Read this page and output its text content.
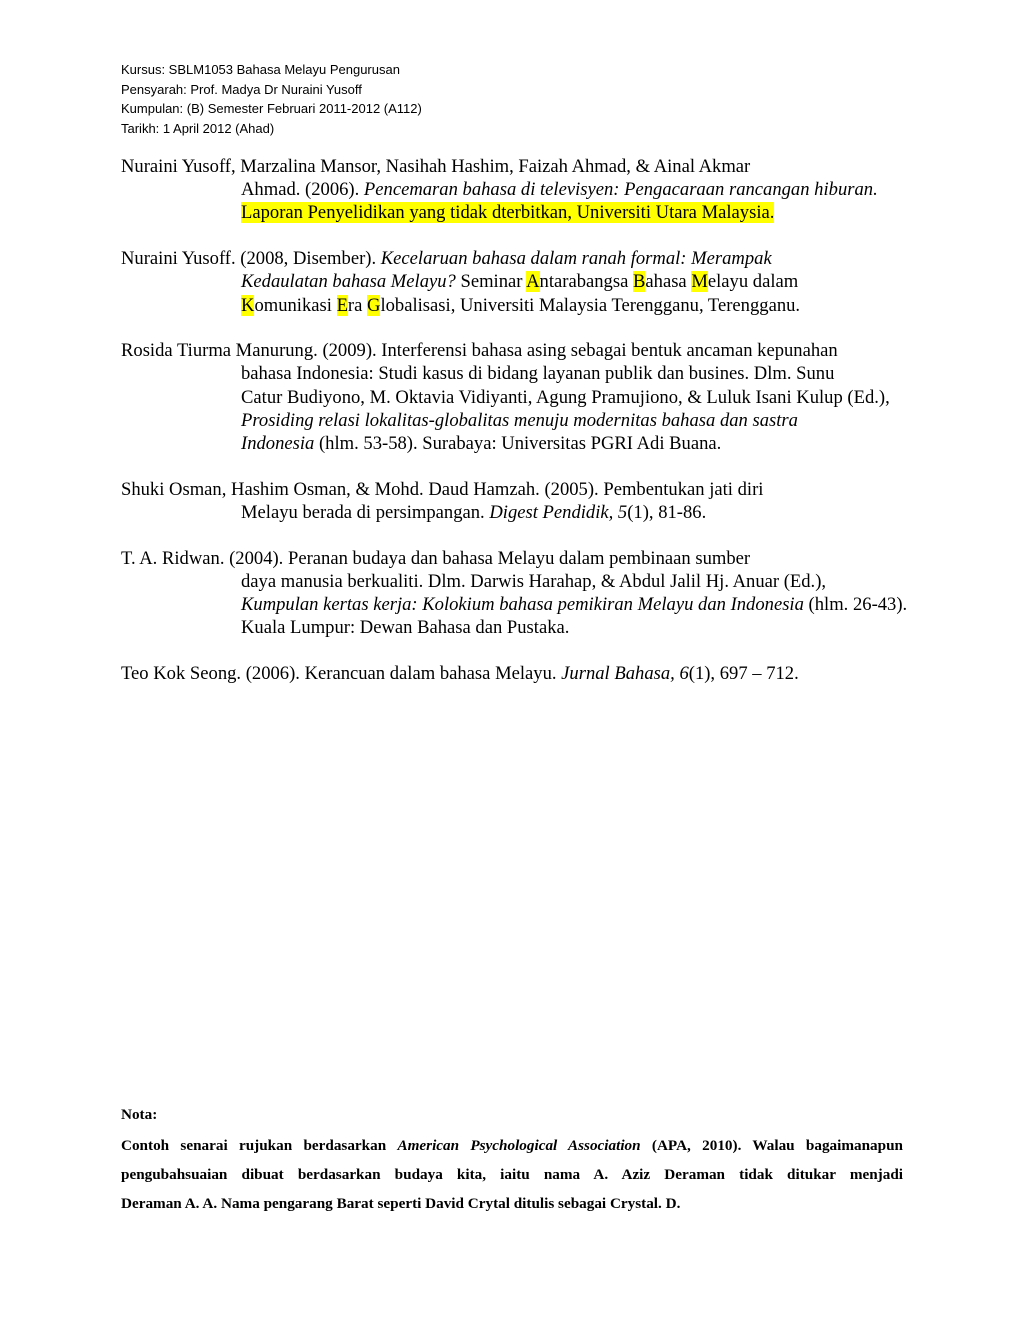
Kursus: SBLM1053 Bahasa Melayu Pengurusan
Pensyarah: Prof. Madya Dr Nuraini Yusoff
Kumpulan: (B) Semester Februari 2011-2012 (A112)
Tarikh: 1 April 2012 (Ahad)
Nuraini Yusoff, Marzalina Mansor, Nasihah Hashim, Faizah Ahmad, & Ainal Akmar
Ahmad. (2006). Pencemaran bahasa di televisyen: Pengacaraan rancangan hiburan.
Laporan Penyelidikan yang tidak dterbitkan, Universiti Utara Malaysia.
Nuraini Yusoff. (2008, Disember). Kecelaruan bahasa dalam ranah formal: Merampak
Kedaulatan bahasa Melayu? Seminar Antarabangsa Bahasa Melayu dalam
Komunikasi Era Globalisasi, Universiti Malaysia Terengganu, Terengganu.
Rosida Tiurma Manurung. (2009). Interferensi bahasa asing sebagai bentuk ancaman kepunahan
bahasa Indonesia: Studi kasus di bidang layanan publik dan busines. Dlm. Sunu
Catur Budiyono, M. Oktavia Vidiyanti, Agung Pramujiono, & Luluk Isani Kulup (Ed.),
Prosiding relasi lokalitas-globalitas menuju modernitas bahasa dan sastra
Indonesia (hlm. 53-58). Surabaya: Universitas PGRI Adi Buana.
Shuki Osman, Hashim Osman, & Mohd. Daud Hamzah. (2005). Pembentukan jati diri
Melayu berada di persimpangan. Digest Pendidik, 5(1), 81-86.
T. A. Ridwan. (2004). Peranan budaya dan bahasa Melayu dalam pembinaan sumber
daya manusia berkualiti. Dlm. Darwis Harahap, & Abdul Jalil Hj. Anuar (Ed.),
Kumpulan kertas kerja: Kolokium bahasa pemikiran Melayu dan Indonesia (hlm. 26-43).
Kuala Lumpur: Dewan Bahasa dan Pustaka.
Teo Kok Seong. (2006). Kerancuan dalam bahasa Melayu. Jurnal Bahasa, 6(1), 697 – 712.
Nota:
Contoh senarai rujukan berdasarkan American Psychological Association (APA, 2010). Walau bagaimanapun
pengubahsuaian dibuat berdasarkan budaya kita, iaitu nama A. Aziz Deraman tidak ditukar menjadi
Deraman A. A. Nama pengarang Barat seperti David Crytal ditulis sebagai Crystal. D.
